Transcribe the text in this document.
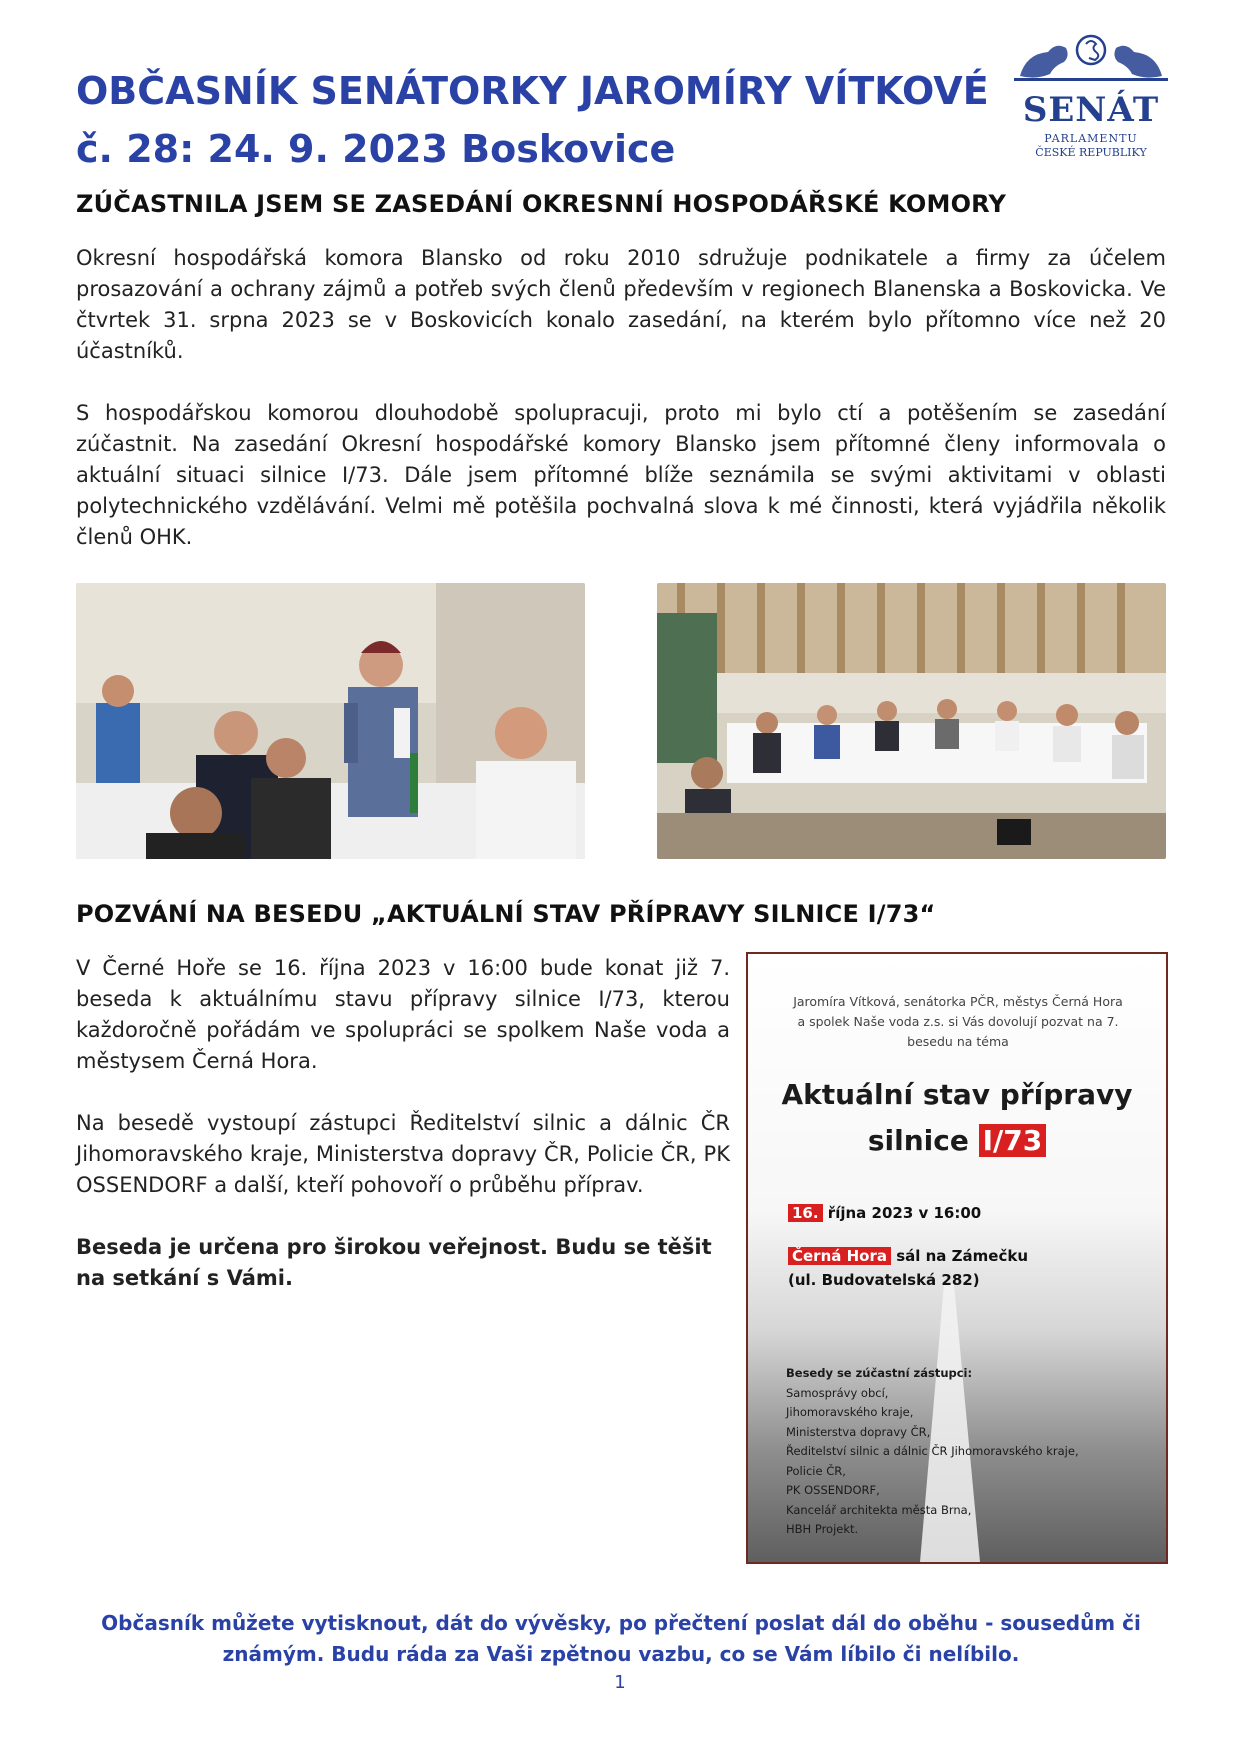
OBČASNÍK SENÁTORKY JAROMÍRY VÍTKOVÉ
č. 28: 24. 9. 2023 Boskovice
SENÁT
PARLAMENTU
ČESKÉ REPUBLIKY
ZÚČASTNILA JSEM SE ZASEDÁNÍ OKRESNNÍ HOSPODÁŘSKÉ KOMORY

Okresní hospodářská komora Blansko od roku 2010 sdružuje podnikatele a firmy za účelem prosazování a ochrany zájmů a potřeb svých členů především v regionech Blanenska a Boskovicka. Ve čtvrtek 31. srpna 2023 se v Boskovicích konalo zasedání, na kterém bylo přítomno více než 20 účastníků.

S hospodářskou komorou dlouhodobě spolupracuji, proto mi bylo ctí a potěšením se zasedání zúčastnit. Na zasedání Okresní hospodářské komory Blansko jsem přítomné členy informovala o aktuální situaci silnice I/73. Dále jsem přítomné blíže seznámila se svými aktivitami v oblasti polytechnického vzdělávání. Velmi mě potěšila pochvalná slova k mé činnosti, která vyjádřila několik členů OHK.

POZVÁNÍ NA BESEDU „AKTUÁLNÍ STAV PŘÍPRAVY SILNICE I/73“

V Černé Hoře se 16. října 2023 v 16:00 bude konat již 7. beseda k aktuálnímu stavu přípravy silnice I/73, kterou každoročně pořádám ve spolupráci se spolkem Naše voda a městysem Černá Hora.

Na besedě vystoupí zástupci Ředitelství silnic a dálnic ČR Jihomoravského kraje, Ministerstva dopravy ČR, Policie ČR, PK OSSENDORF a další, kteří pohovoří o průběhu příprav.

Beseda je určena pro širokou veřejnost. Budu se těšit na setkání s Vámi.

Jaromíra Vítková, senátorka PČR, městys Černá Hora
a spolek Naše voda z.s. si Vás dovolují pozvat na 7. besedu na téma
Aktuální stav přípravy
silnice I/73
16. října 2023 v 16:00
Černá Hora sál na Zámečku
(ul. Budovatelská 282)
Besedy se zúčastní zástupci:
Samosprávy obcí,
Jihomoravského kraje,
Ministerstva dopravy ČR,
Ředitelství silnic a dálnic ČR Jihomoravského kraje,
Policie ČR,
PK OSSENDORF,
Kancelář architekta města Brna,
HBH Projekt.
Občasník můžete vytisknout, dát do vývěsky, po přečtení poslat dál do oběhu - sousedům či známým. Budu ráda za Vaši zpětnou vazbu, co se Vám líbilo či nelíbilo.
1
